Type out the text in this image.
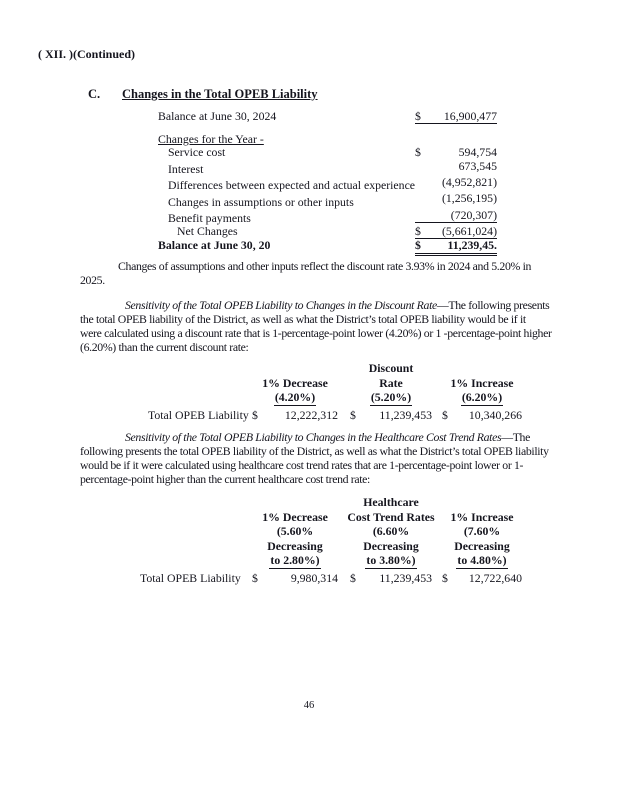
( XII. )(Continued)
C.	Changes in the Total OPEB Liability
Balance at June 30, 2024	$	16,900,477
Changes for the Year -
Service cost	$	594,754
Interest	673,545
Differences between expected and actual experience	(4,952,821)
Changes in assumptions or other inputs	(1,256,195)
Benefit payments	(720,307)
Net Changes	$	(5,661,024)
Balance at June 30, 20	$	11,239,45.
Changes of assumptions and other inputs reflect the discount rate 3.93% in 2024 and 5.20% in
2025.
Sensitivity of the Total OPEB Liability to Changes in the Discount Rate—The following presents
the total OPEB liability of the District, as well as what the District’s total OPEB liability would be if it
were calculated using a discount rate that is 1-percentage-point lower (4.20%) or 1 -percentage-point higher
(6.20%) than the current discount rate:
Discount
1% Decrease	Rate	1% Increase
(4.20%)	(5.20%)	(6.20%)
Total OPEB Liability $ 12,222,312 $ 11,239,453 $ 10,340,266
Sensitivity of the Total OPEB Liability to Changes in the Healthcare Cost Trend Rates—The
following presents the total OPEB liability of the District, as well as what the District’s total OPEB liability
would be if it were calculated using healthcare cost trend rates that are 1-percentage-point lower or 1-
percentage-point higher than the current healthcare cost trend rate:
Healthcare
1% Decrease	Cost Trend Rates	1% Increase
(5.60%	(6.60%	(7.60%
Decreasing	Decreasing	Decreasing
to 2.80%)	to 3.80%)	to 4.80%)
Total OPEB Liability $	9,980,314 $ 11,239,453 $ 12,722,640
46
